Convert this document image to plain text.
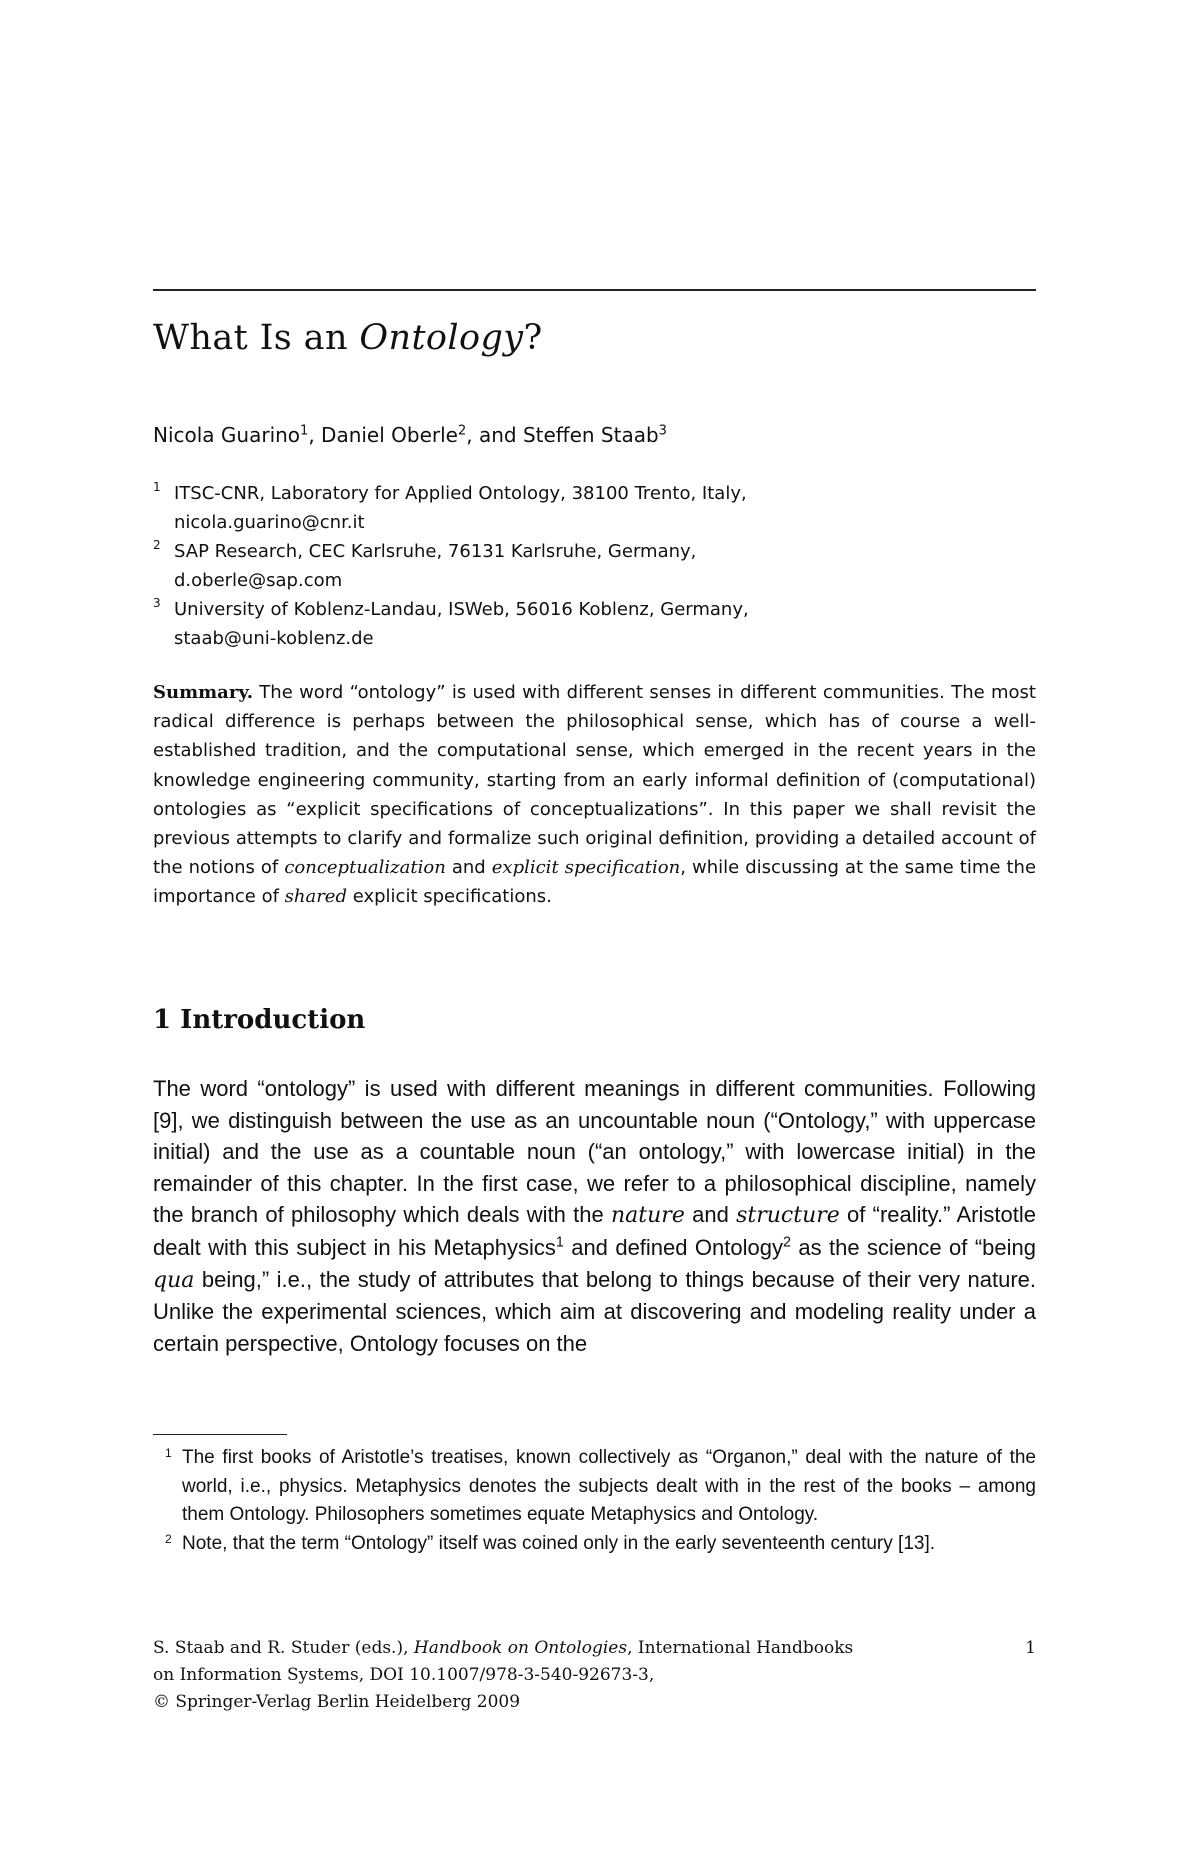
What Is an Ontology?
Nicola Guarino$^1$, Daniel Oberle$^2$, and Steffen Staab$^3$
1 ITSC-CNR, Laboratory for Applied Ontology, 38100 Trento, Italy,
nicola.guarino@cnr.it
2 SAP Research, CEC Karlsruhe, 76131 Karlsruhe, Germany,
d.oberle@sap.com
3 University of Koblenz-Landau, ISWeb, 56016 Koblenz, Germany,
staab@uni-koblenz.de

Summary. The word “ontology” is used with different senses in different communities. The most radical difference is perhaps between the philosophical sense, which has of course a well-established tradition, and the computational sense, which emerged in the recent years in the knowledge engineering community, starting from an early informal definition of (computational) ontologies as “explicit specifications of conceptualizations”. In this paper we shall revisit the previous attempts to clarify and formalize such original definition, providing a detailed account of the notions of conceptualization and explicit specification, while discussing at the same time the importance of shared explicit specifications.

1 Introduction

The word “ontology” is used with different meanings in different communities. Following [9], we distinguish between the use as an uncountable noun (“Ontology,” with uppercase initial) and the use as a countable noun (“an ontology,” with lowercase initial) in the remainder of this chapter. In the first case, we refer to a philosophical discipline, namely the branch of philosophy which deals with the nature and structure of “reality.” Aristotle dealt with this subject in his Metaphysics$^1$ and defined Ontology$^2$ as the science of “being qua being,” i.e., the study of attributes that belong to things because of their very nature. Unlike the experimental sciences, which aim at discovering and modeling reality under a certain perspective, Ontology focuses on the

1 The first books of Aristotle’s treatises, known collectively as “Organon,” deal with the nature of the world, i.e., physics. Metaphysics denotes the subjects dealt with in the rest of the books – among them Ontology. Philosophers sometimes equate Metaphysics and Ontology.
2 Note, that the term “Ontology” itself was coined only in the early seventeenth century [13].
S. Staab and R. Studer (eds.), Handbook on Ontologies, International Handbooks
on Information Systems, DOI 10.1007/978-3-540-92673-3,
© Springer-Verlag Berlin Heidelberg 2009
1
